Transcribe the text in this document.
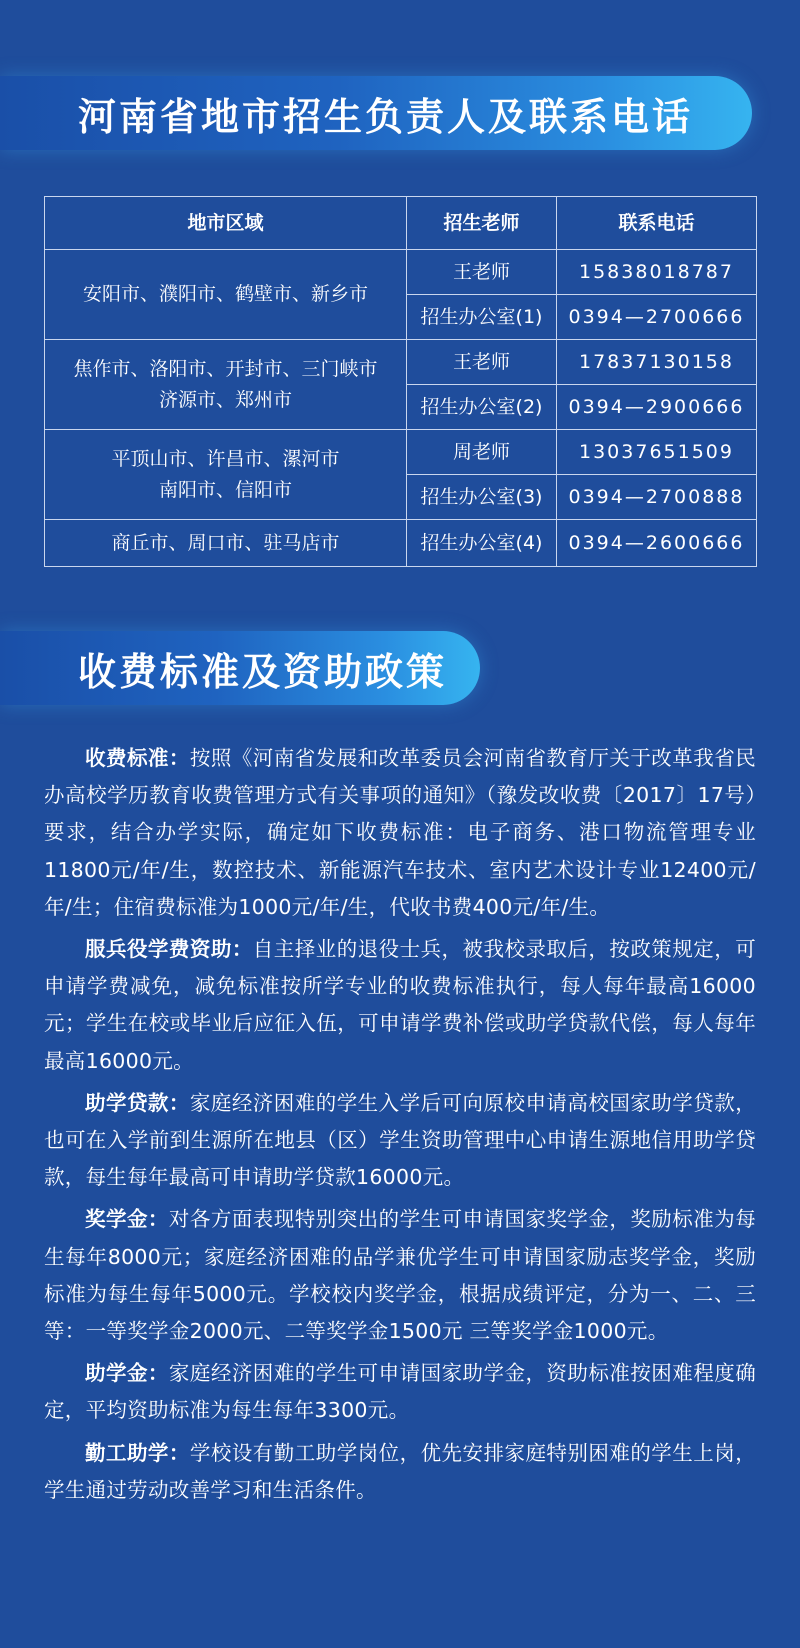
河南省地市招生负责人及联系电话
地市区域	招生老师	联系电话

安阳市、濮阳市、鹤壁市、新乡市	王老师	15838018787
	招生办公室(1)	0394—2700666

焦作市、洛阳市、开封市、三门峡市
济源市、郑州市	王老师	17837130158
	招生办公室(2)	0394—2900666

平顶山市、许昌市、漯河市
南阳市、信阳市	周老师	13037651509
	招生办公室(3)	0394—2700888

商丘市、周口市、驻马店市	招生办公室(4)	0394—2600666
收费标准及资助政策

收费标准：按照《河南省发展和改革委员会河南省教育厅关于改革我省民办高校学历教育收费管理方式有关事项的通知》（豫发改收费〔2017〕17号）要求，结合办学实际，确定如下收费标准：电子商务、港口物流管理专业11800元/年/生，数控技术、新能源汽车技术、室内艺术设计专业12400元/年/生；住宿费标准为1000元/年/生，代收书费400元/年/生。

服兵役学费资助：自主择业的退役士兵，被我校录取后，按政策规定，可申请学费减免，减免标准按所学专业的收费标准执行，每人每年最高16000元；学生在校或毕业后应征入伍，可申请学费补偿或助学贷款代偿，每人每年最高16000元。

助学贷款：家庭经济困难的学生入学后可向原校申请高校国家助学贷款，也可在入学前到生源所在地县（区）学生资助管理中心申请生源地信用助学贷款，每生每年最高可申请助学贷款16000元。

奖学金：对各方面表现特别突出的学生可申请国家奖学金，奖励标准为每生每年8000元；家庭经济困难的品学兼优学生可申请国家励志奖学金，奖励标准为每生每年5000元。学校校内奖学金，根据成绩评定，分为一、二、三等：一等奖学金2000元、二等奖学金1500元 三等奖学金1000元。

助学金：家庭经济困难的学生可申请国家助学金，资助标准按困难程度确定，平均资助标准为每生每年3300元。

勤工助学：学校设有勤工助学岗位，优先安排家庭特别困难的学生上岗，学生通过劳动改善学习和生活条件。
